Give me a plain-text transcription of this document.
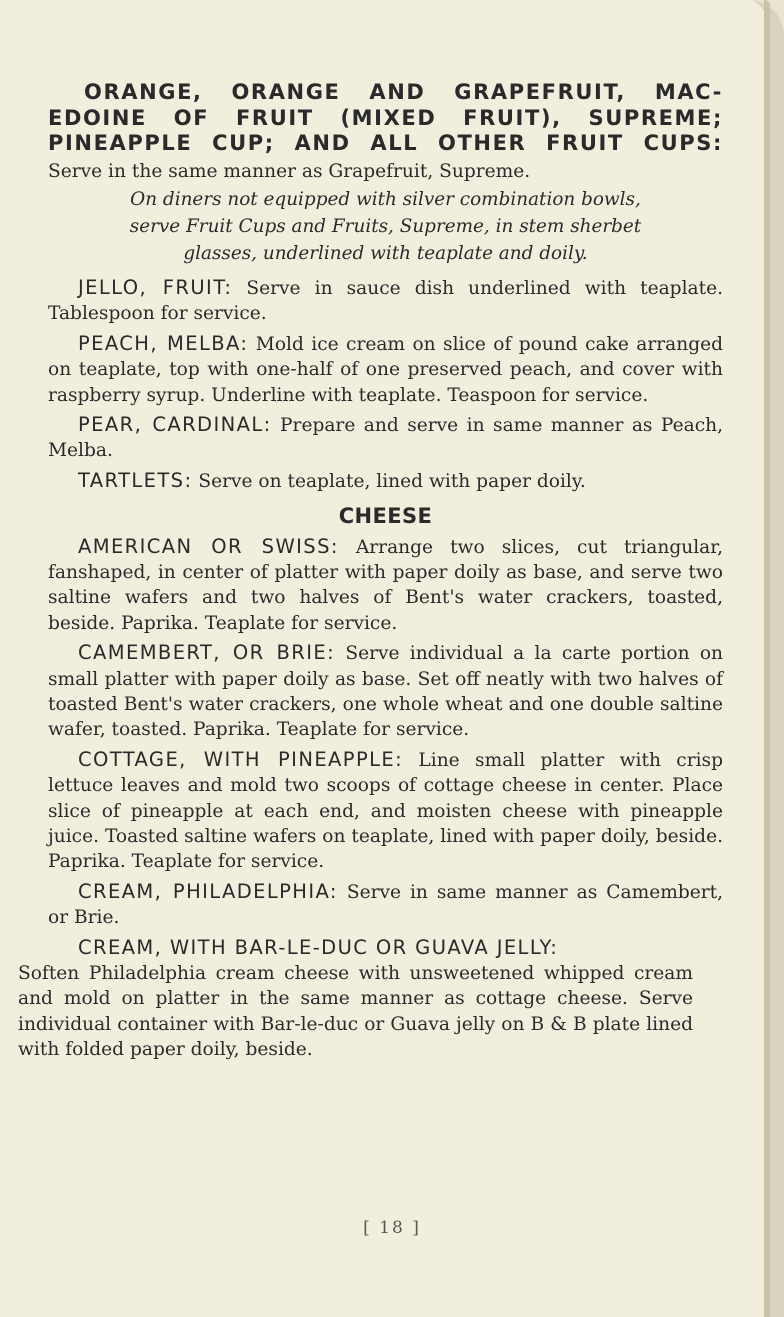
ORANGE, ORANGE AND GRAPEFRUIT, MAC-
EDOINE OF FRUIT (MIXED FRUIT), SUPREME;
PINEAPPLE CUP; AND ALL OTHER FRUIT CUPS:

Serve in the same manner as Grapefruit, Supreme.

On diners not equipped with silver combination bowls,
serve Fruit Cups and Fruits, Supreme, in stem sherbet
glasses, underlined with teaplate and doily.

JELLO, FRUIT: Serve in sauce dish underlined with teaplate. Tablespoon for service.

PEACH, MELBA: Mold ice cream on slice of pound cake arranged on teaplate, top with one-half of one preserved peach, and cover with raspberry syrup. Underline with teaplate. Teaspoon for service.

PEAR, CARDINAL: Prepare and serve in same manner as Peach, Melba.

TARTLETS: Serve on teaplate, lined with paper doily.

CHEESE

AMERICAN OR SWISS: Arrange two slices, cut triangular, fanshaped, in center of platter with paper doily as base, and serve two saltine wafers and two halves of Bent's water crackers, toasted, beside. Paprika. Teaplate for service.

CAMEMBERT, OR BRIE: Serve individual a la carte portion on small platter with paper doily as base. Set off neatly with two halves of toasted Bent's water crackers, one whole wheat and one double saltine wafer, toasted. Paprika. Teaplate for service.

COTTAGE, WITH PINEAPPLE: Line small platter with crisp lettuce leaves and mold two scoops of cottage cheese in center. Place slice of pineapple at each end, and moisten cheese with pineapple juice. Toasted saltine wafers on teaplate, lined with paper doily, beside. Paprika. Teaplate for service.

CREAM, PHILADELPHIA: Serve in same manner as Camembert, or Brie.

CREAM, WITH BAR-LE-DUC OR GUAVA JELLY:
Soften Philadelphia cream cheese with unsweetened whipped cream and mold on platter in the same manner as cottage cheese. Serve individual container with Bar-le-duc or Guava jelly on B & B plate lined with folded paper doily, beside.

[ 18 ]
